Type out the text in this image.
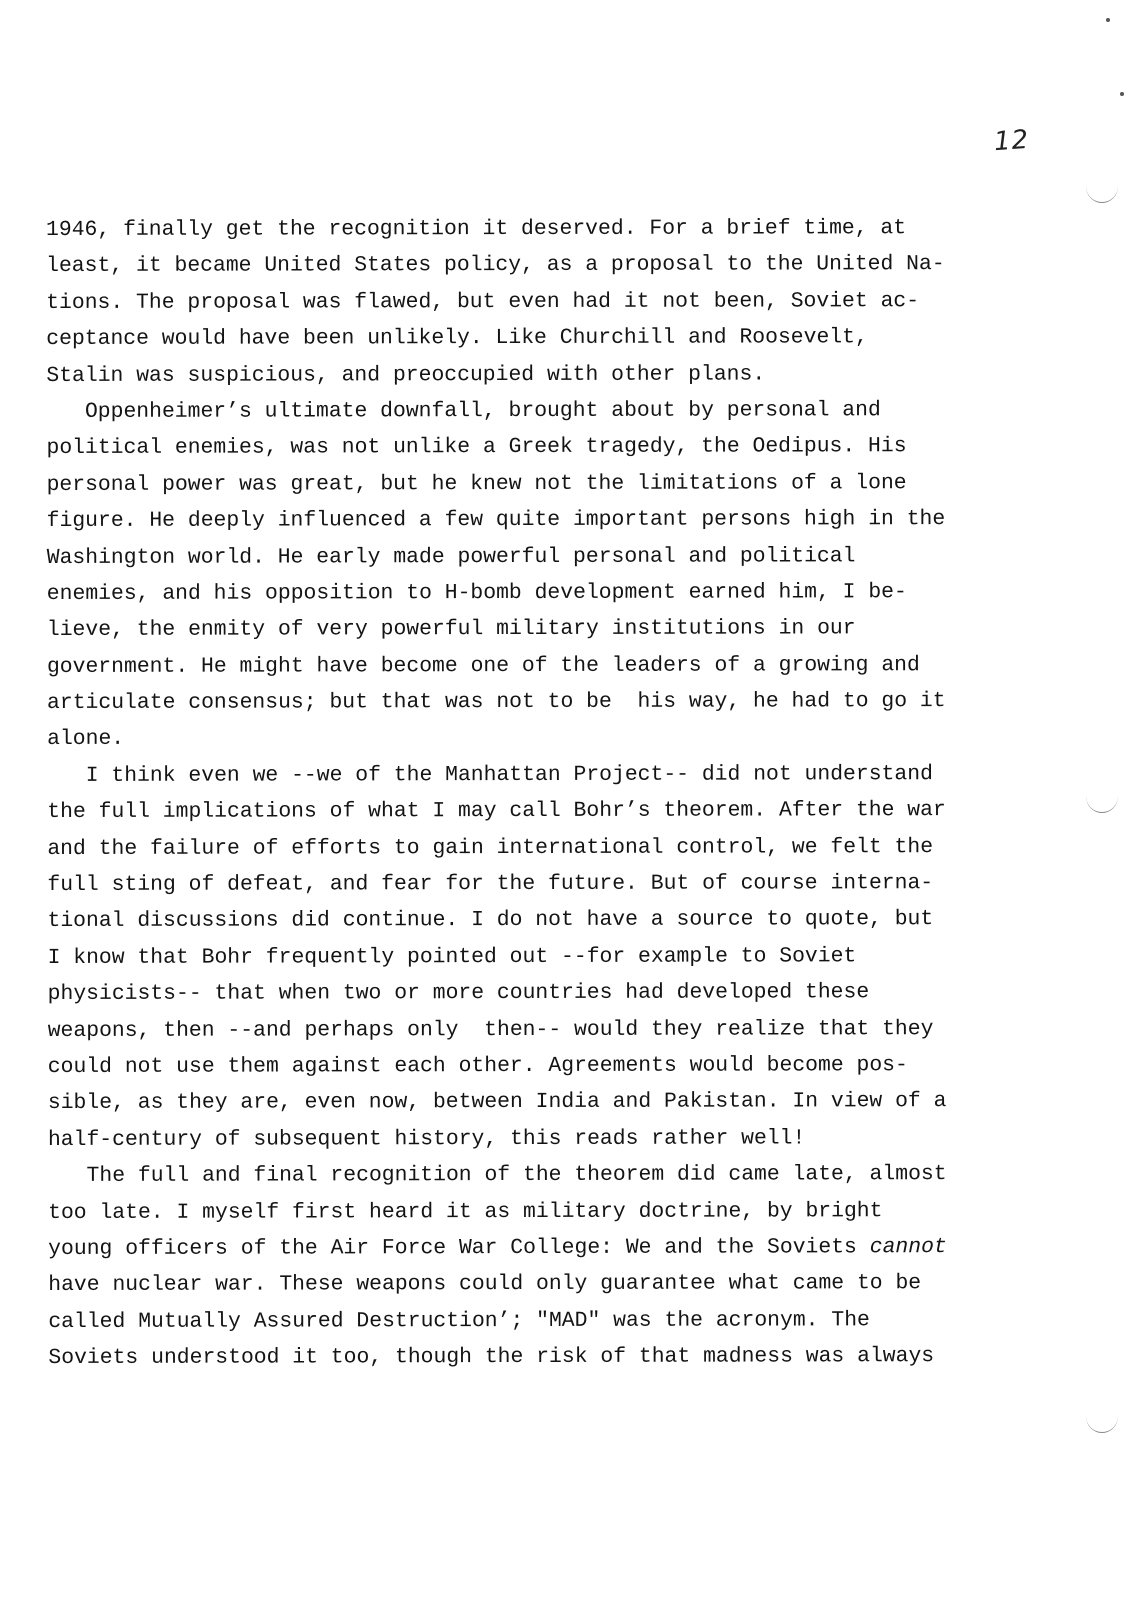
12
1946, finally get the recognition it deserved. For a brief time, at
least, it became United States policy, as a proposal to the United Na-
tions. The proposal was flawed, but even had it not been, Soviet ac-
ceptance would have been unlikely. Like Churchill and Roosevelt,
Stalin was suspicious, and preoccupied with other plans.
Oppenheimer’s ultimate downfall, brought about by personal and
political enemies, was not unlike a Greek tragedy, the Oedipus. His
personal power was great, but he knew not the limitations of a lone
figure. He deeply influenced a few quite important persons high in the
Washington world. He early made powerful personal and political
enemies, and his opposition to H-bomb development earned him, I be-
lieve, the enmity of very powerful military institutions in our
government. He might have become one of the leaders of a growing and
articulate consensus; but that was not to be  his way, he had to go it
alone.
I think even we --we of the Manhattan Project-- did not understand
the full implications of what I may call Bohr’s theorem. After the war
and the failure of efforts to gain international control, we felt the
full sting of defeat, and fear for the future. But of course interna-
tional discussions did continue. I do not have a source to quote, but
I know that Bohr frequently pointed out --for example to Soviet
physicists-- that when two or more countries had developed these
weapons, then --and perhaps only  then-- would they realize that they
could not use them against each other. Agreements would become pos-
sible, as they are, even now, between India and Pakistan. In view of a
half-century of subsequent history, this reads rather well!
The full and final recognition of the theorem did came late, almost
too late. I myself first heard it as military doctrine, by bright
young officers of the Air Force War College: We and the Soviets cannot
have nuclear war. These weapons could only guarantee what came to be
called Mutually Assured Destruction’; "MAD" was the acronym. The
Soviets understood it too, though the risk of that madness was always
